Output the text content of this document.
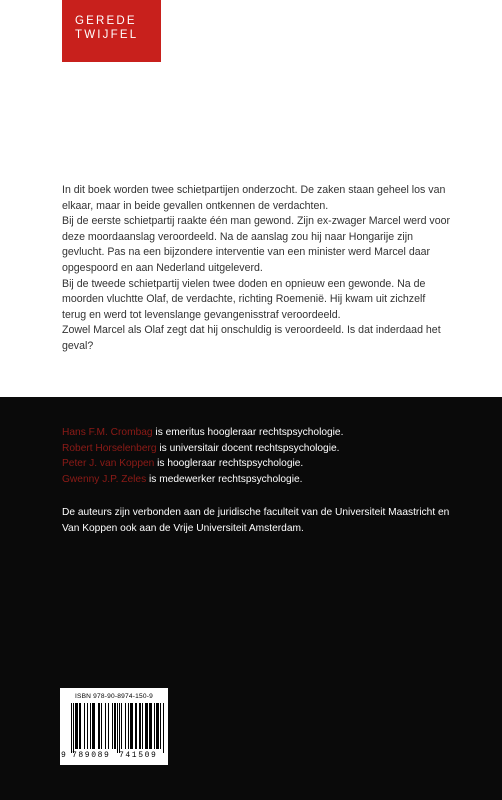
GEREDE
TWIJFEL

In dit boek worden twee schietpartijen onderzocht. De zaken staan geheel los van elkaar, maar in beide gevallen ontkennen de verdachten.

Bij de eerste schietpartij raakte één man gewond. Zijn ex-zwager Marcel werd voor deze moordaanslag veroordeeld. Na de aanslag zou hij naar Hongarije zijn gevlucht. Pas na een bijzondere interventie van een minister werd Marcel daar opgespoord en aan Nederland uitgeleverd.

Bij de tweede schietpartij vielen twee doden en opnieuw een gewonde. Na de moorden vluchtte Olaf, de verdachte, richting Roemenië. Hij kwam uit zichzelf terug en werd tot levenslange gevangenisstraf veroordeeld.

Zowel Marcel als Olaf zegt dat hij onschuldig is veroordeeld. Is dat inderdaad het geval?

Hans F.M. Crombag is emeritus hoogleraar rechtspsychologie.
Robert Horselenberg is universitair docent rechtspsychologie.
Peter J. van Koppen is hoogleraar rechtspsychologie.
Gwenny J.P. Zeles is medewerker rechtspsychologie.
De auteurs zijn verbonden aan de juridische faculteit van de Universiteit Maastricht en Van Koppen ook aan de Vrije Universiteit Amsterdam.
ISBN 978-90-8974-150-9
9 789089 741509
